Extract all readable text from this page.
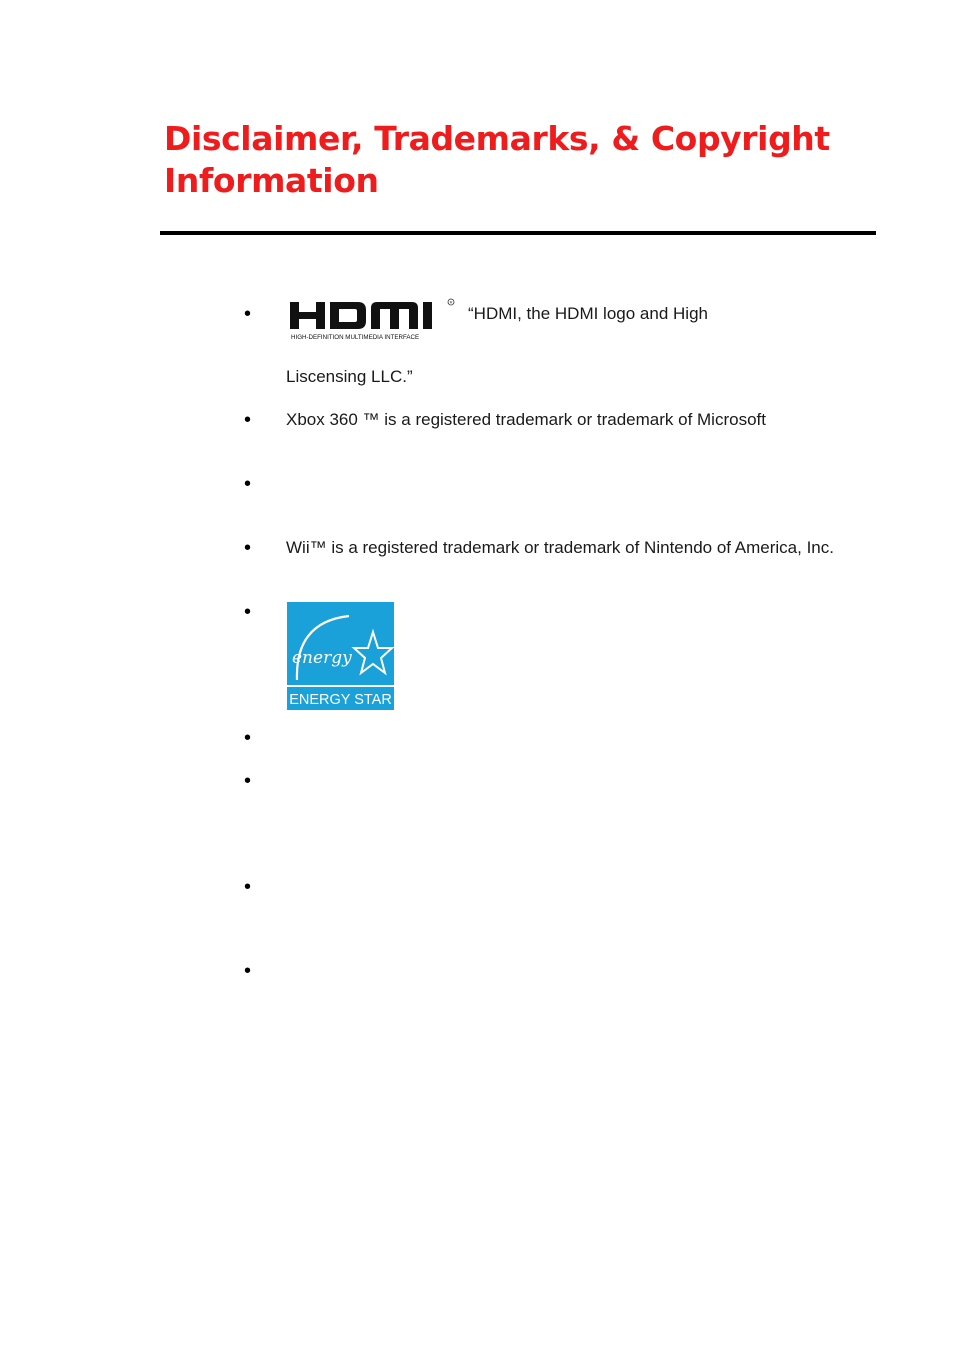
Disclaimer, Trademarks, & Copyright Information
•
R
HIGH-DEFINITION MULTIMEDIA INTERFACE
“HDMI, the HDMI logo and High
Liscensing LLC.”
• Xbox 360 ™ is a registered trademark or trademark of Microsoft
•
• Wii™ is a registered trademark or trademark of Nintendo of America, Inc.
•
energy
ENERGY STAR
•
•
•
•
